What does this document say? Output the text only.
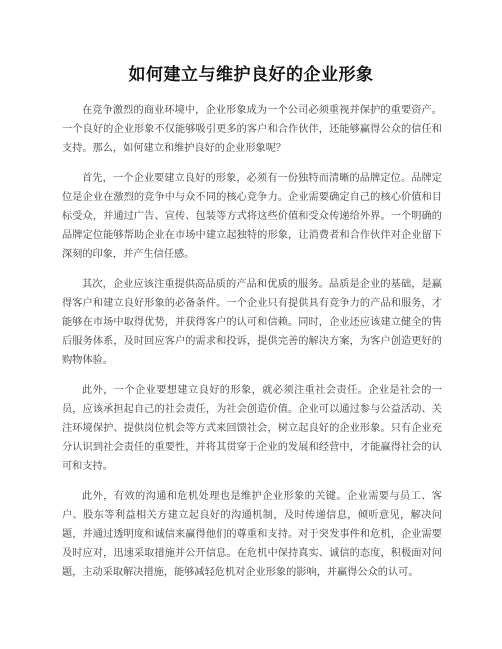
如何建立与维护良好的企业形象

在竞争激烈的商业环境中，企业形象成为一个公司必须重视并保护的重要资产。一个良好的企业形象不仅能够吸引更多的客户和合作伙伴，还能够赢得公众的信任和支持。那么，如何建立和维护良好的企业形象呢？

首先，一个企业要建立良好的形象，必须有一份独特而清晰的品牌定位。品牌定位是企业在激烈的竞争中与众不同的核心竞争力。企业需要确定自己的核心价值和目标受众，并通过广告、宣传、包装等方式将这些价值和受众传递给外界。一个明确的品牌定位能够帮助企业在市场中建立起独特的形象，让消费者和合作伙伴对企业留下深刻的印象，并产生信任感。

其次，企业应该注重提供高品质的产品和优质的服务。品质是企业的基础，是赢得客户和建立良好形象的必备条件。一个企业只有提供具有竞争力的产品和服务，才能够在市场中取得优势，并获得客户的认可和信赖。同时，企业还应该建立健全的售后服务体系，及时回应客户的需求和投诉，提供完善的解决方案，为客户创造更好的购物体验。

此外，一个企业要想建立良好的形象，就必须注重社会责任。企业是社会的一员，应该承担起自己的社会责任，为社会创造价值。企业可以通过参与公益活动、关注环境保护、提供岗位机会等方式来回馈社会，树立起良好的企业形象。只有企业充分认识到社会责任的重要性，并将其贯穿于企业的发展和经营中，才能赢得社会的认可和支持。

此外，有效的沟通和危机处理也是维护企业形象的关键。企业需要与员工、客户、股东等利益相关方建立起良好的沟通机制，及时传递信息，倾听意见，解决问题，并通过透明度和诚信来赢得他们的尊重和支持。对于突发事件和危机，企业需要及时应对，迅速采取措施并公开信息。在危机中保持真实、诚信的态度，积极面对问题，主动采取解决措施，能够减轻危机对企业形象的影响，并赢得公众的认可。
